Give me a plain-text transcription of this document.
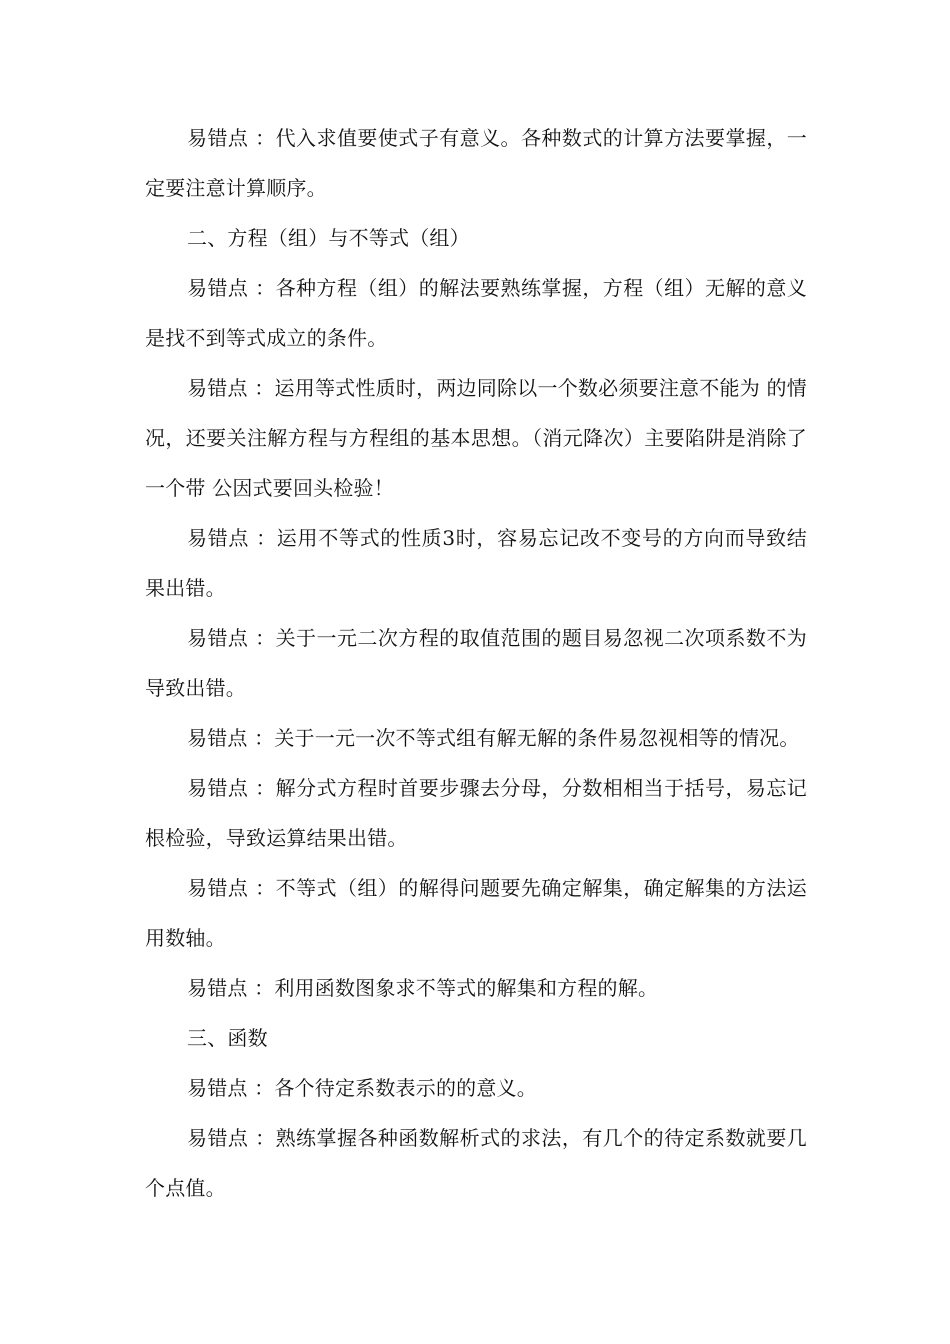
易错点 ：代入求值要使式子有意义。各种数式的计算方法要掌握，一定要注意计算顺序。

二、方程（组）与不等式（组）

易错点 ：各种方程（组）的解法要熟练掌握，方程（组）无解的意义是找不到等式成立的条件。

易错点 ：运用等式性质时，两边同除以一个数必须要注意不能为 的情况，还要关注解方程与方程组的基本思想。（消元降次）主要陷阱是消除了一个带 公因式要回头检验！

易错点 ：运用不等式的性质3时，容易忘记改不变号的方向而导致结果出错。

易错点 ：关于一元二次方程的取值范围的题目易忽视二次项系数不为 导致出错。

易错点 ：关于一元一次不等式组有解无解的条件易忽视相等的情况。

易错点 ：解分式方程时首要步骤去分母，分数相相当于括号，易忘记根检验，导致运算结果出错。

易错点 ：不等式（组）的解得问题要先确定解集，确定解集的方法运用数轴。

易错点 ：利用函数图象求不等式的解集和方程的解。

三、函数

易错点 ：各个待定系数表示的的意义。

易错点 ：熟练掌握各种函数解析式的求法，有几个的待定系数就要几个点值。
